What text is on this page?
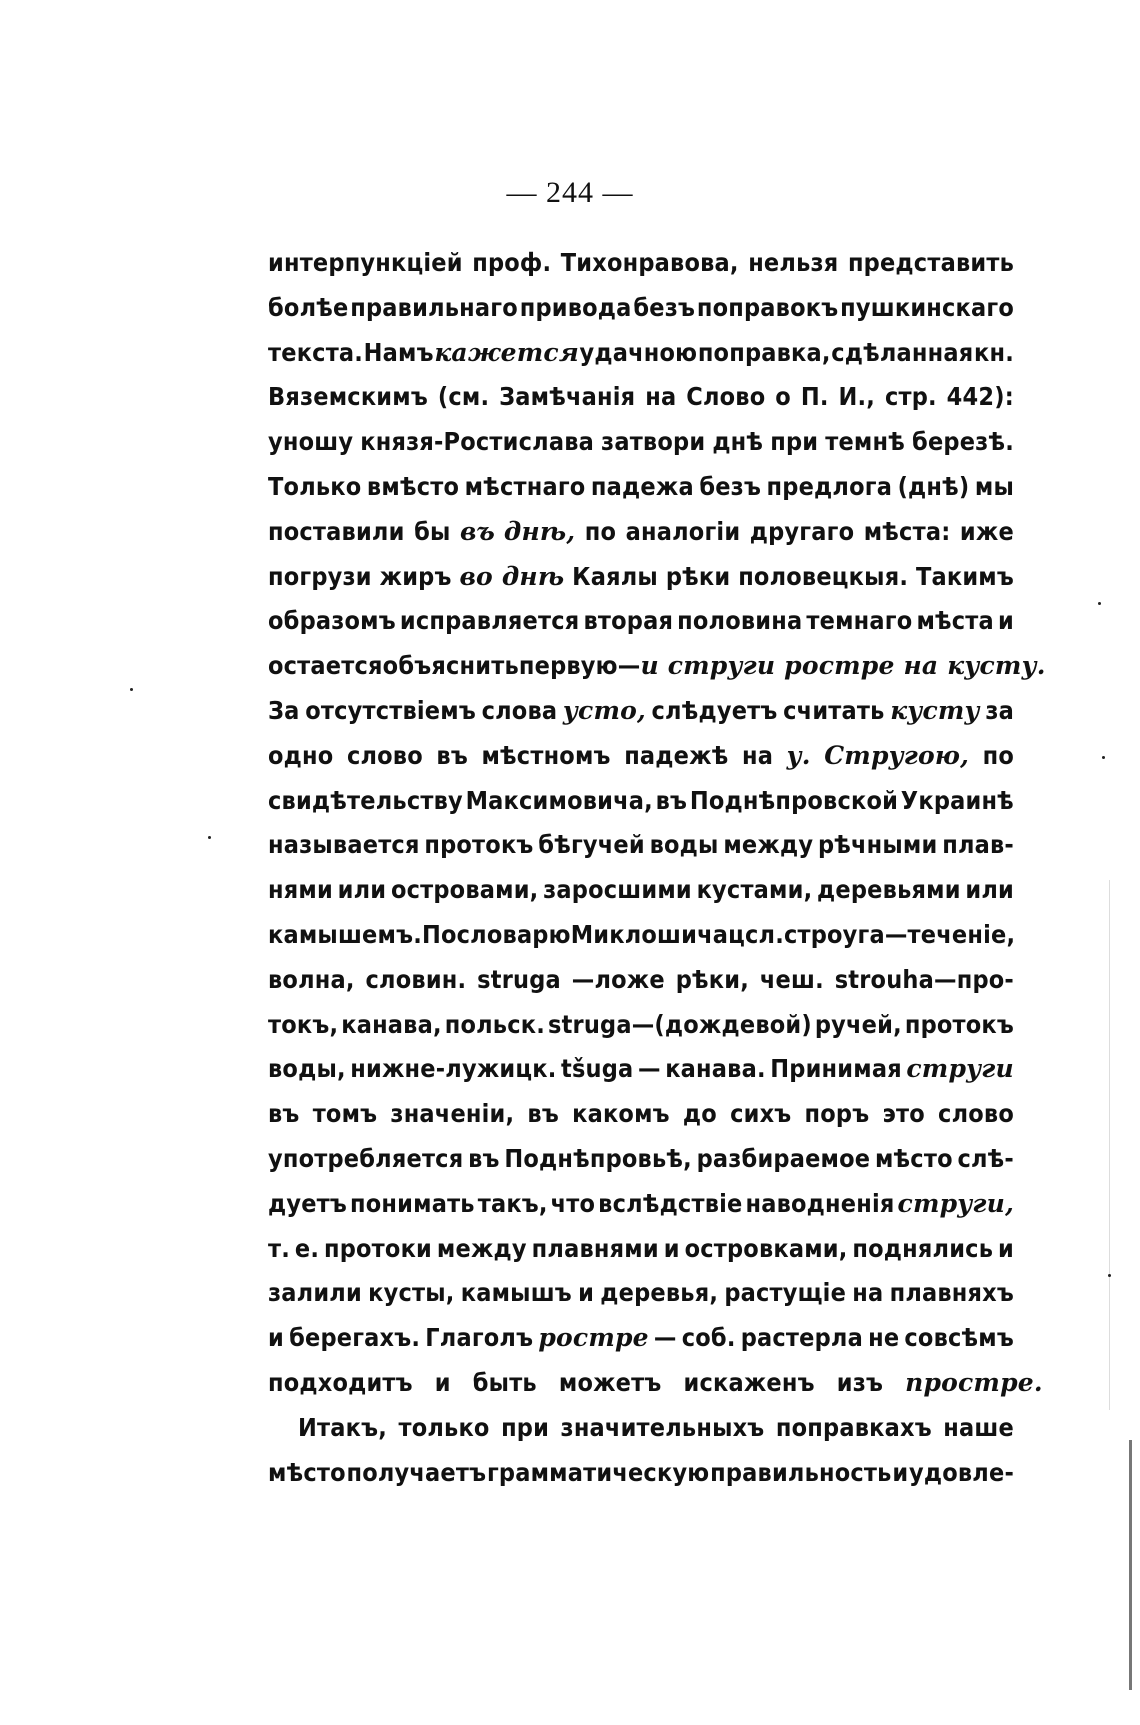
— 244 —
интерпункціей проф. Тихонравова, нельзя представить
болѣе правильнаго привода безъ поправокъ пушкинскаго
текста. Намъ кажется удачною поправка, сдѣланная кн.
Вяземскимъ (см. Замѣчанія на Слово о П. И., стр. 442):
уношу князя-Ростислава затвори днѣ при темнѣ березѣ.
Только вмѣсто мѣстнаго падежа безъ предлога (днѣ) мы
поставили бы въ днѣ, по аналогіи другаго мѣста: иже
погрузи жиръ во днѣ Каялы рѣки половецкыя. Такимъ
образомъ исправляется вторая половина темнаго мѣста и
остается объяснить первую— и струги ростре на кусту.
За отсутствіемъ слова усто, слѣдуетъ считать кусту за
одно слово въ мѣстномъ падежѣ на у. Стругою, по
свидѣтельству Максимовича, въ Поднѣпровской Украинѣ
называется протокъ бѣгучей воды между рѣчными плав-
нями или островами, заросшими кустами, деревьями или
камышемъ. По словарю Миклошича цсл. строуга—теченіе,
волна, словин. struga —ложе рѣки, чеш. strouha—про-
токъ, канава, польск. struga—(дождевой) ручей, протокъ
воды, нижне-лужицк. tšuga — канава. Принимая струги
въ томъ значеніи, въ какомъ до сихъ поръ это слово
употребляется въ Поднѣпровьѣ, разбираемое мѣсто слѣ-
дуетъ понимать такъ, что вслѣдствіе наводненія струги,
т. е. протоки между плавнями и островками, поднялись и
залили кусты, камышъ и деревья, растущіе на плавняхъ
и берегахъ. Глаголъ ростре — соб. растерла не совсѣмъ
подходитъ и быть можетъ искаженъ изъ простре.
Итакъ, только при значительныхъ поправкахъ наше
мѣсто получаетъ грамматическую правильность и удовле-
